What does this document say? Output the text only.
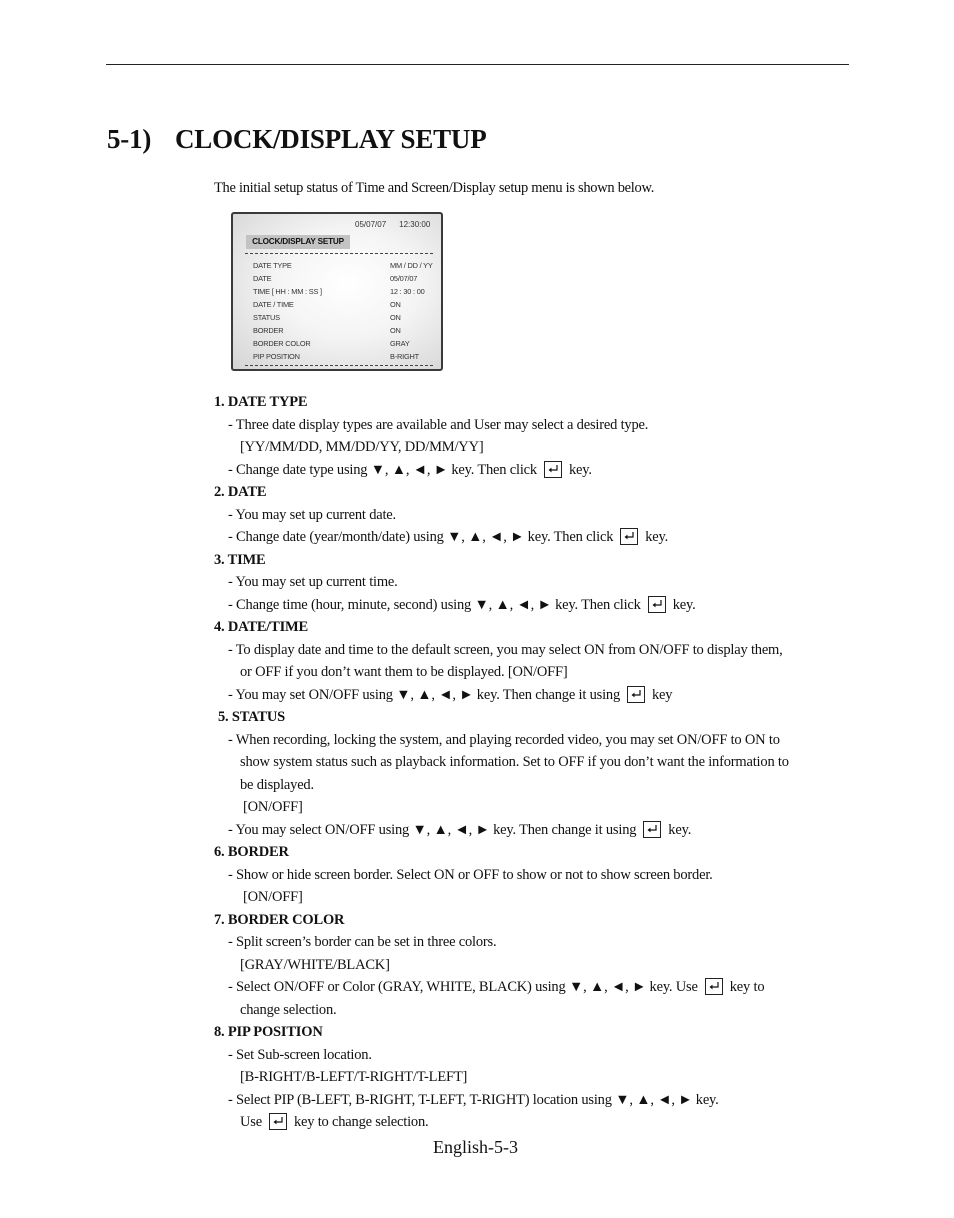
5-1) CLOCK/DISPLAY SETUP
The initial setup status of Time and Screen/Display setup menu is shown below.
05/07/07 12:30:00
CLOCK/DISPLAY SETUP
DATE TYPE	MM / DD / YY
DATE	05/07/07
TIME [ HH : MM : SS ]	12 : 30 : 00
DATE / TIME	ON
STATUS	ON
BORDER	ON
BORDER COLOR	GRAY
PIP POSITION	B-RIGHT
1. DATE TYPE
- Three date display types are available and User may select a desired type.
[YY/MM/DD, MM/DD/YY, DD/MM/YY]
- Change date type using ▼, ▲, ◄, ► key. Then click key.
2. DATE
- You may set up current date.
- Change date (year/month/date) using ▼, ▲, ◄, ► key. Then click key.
3. TIME
- You may set up current time.
- Change time (hour, minute, second) using ▼, ▲, ◄, ► key. Then click key.
4. DATE/TIME
- To display date and time to the default screen, you may select ON from ON/OFF to display them,
or OFF if you don’t want them to be displayed. [ON/OFF]
- You may set ON/OFF using ▼, ▲, ◄, ► key. Then change it using key
5. STATUS
- When recording, locking the system, and playing recorded video, you may set ON/OFF to ON to
show system status such as playback information. Set to OFF if you don’t want the information to
be displayed.
[ON/OFF]
- You may select ON/OFF using ▼, ▲, ◄, ► key. Then change it using key.
6. BORDER
- Show or hide screen border. Select ON or OFF to show or not to show screen border.
[ON/OFF]
7. BORDER COLOR
- Split screen’s border can be set in three colors.
[GRAY/WHITE/BLACK]
- Select ON/OFF or Color (GRAY, WHITE, BLACK) using ▼, ▲, ◄, ► key. Use key to
change selection.
8. PIP POSITION
- Set Sub-screen location.
[B-RIGHT/B-LEFT/T-RIGHT/T-LEFT]
- Select PIP (B-LEFT, B-RIGHT, T-LEFT, T-RIGHT) location using ▼, ▲, ◄, ► key.
Use key to change selection.
English-5-3
